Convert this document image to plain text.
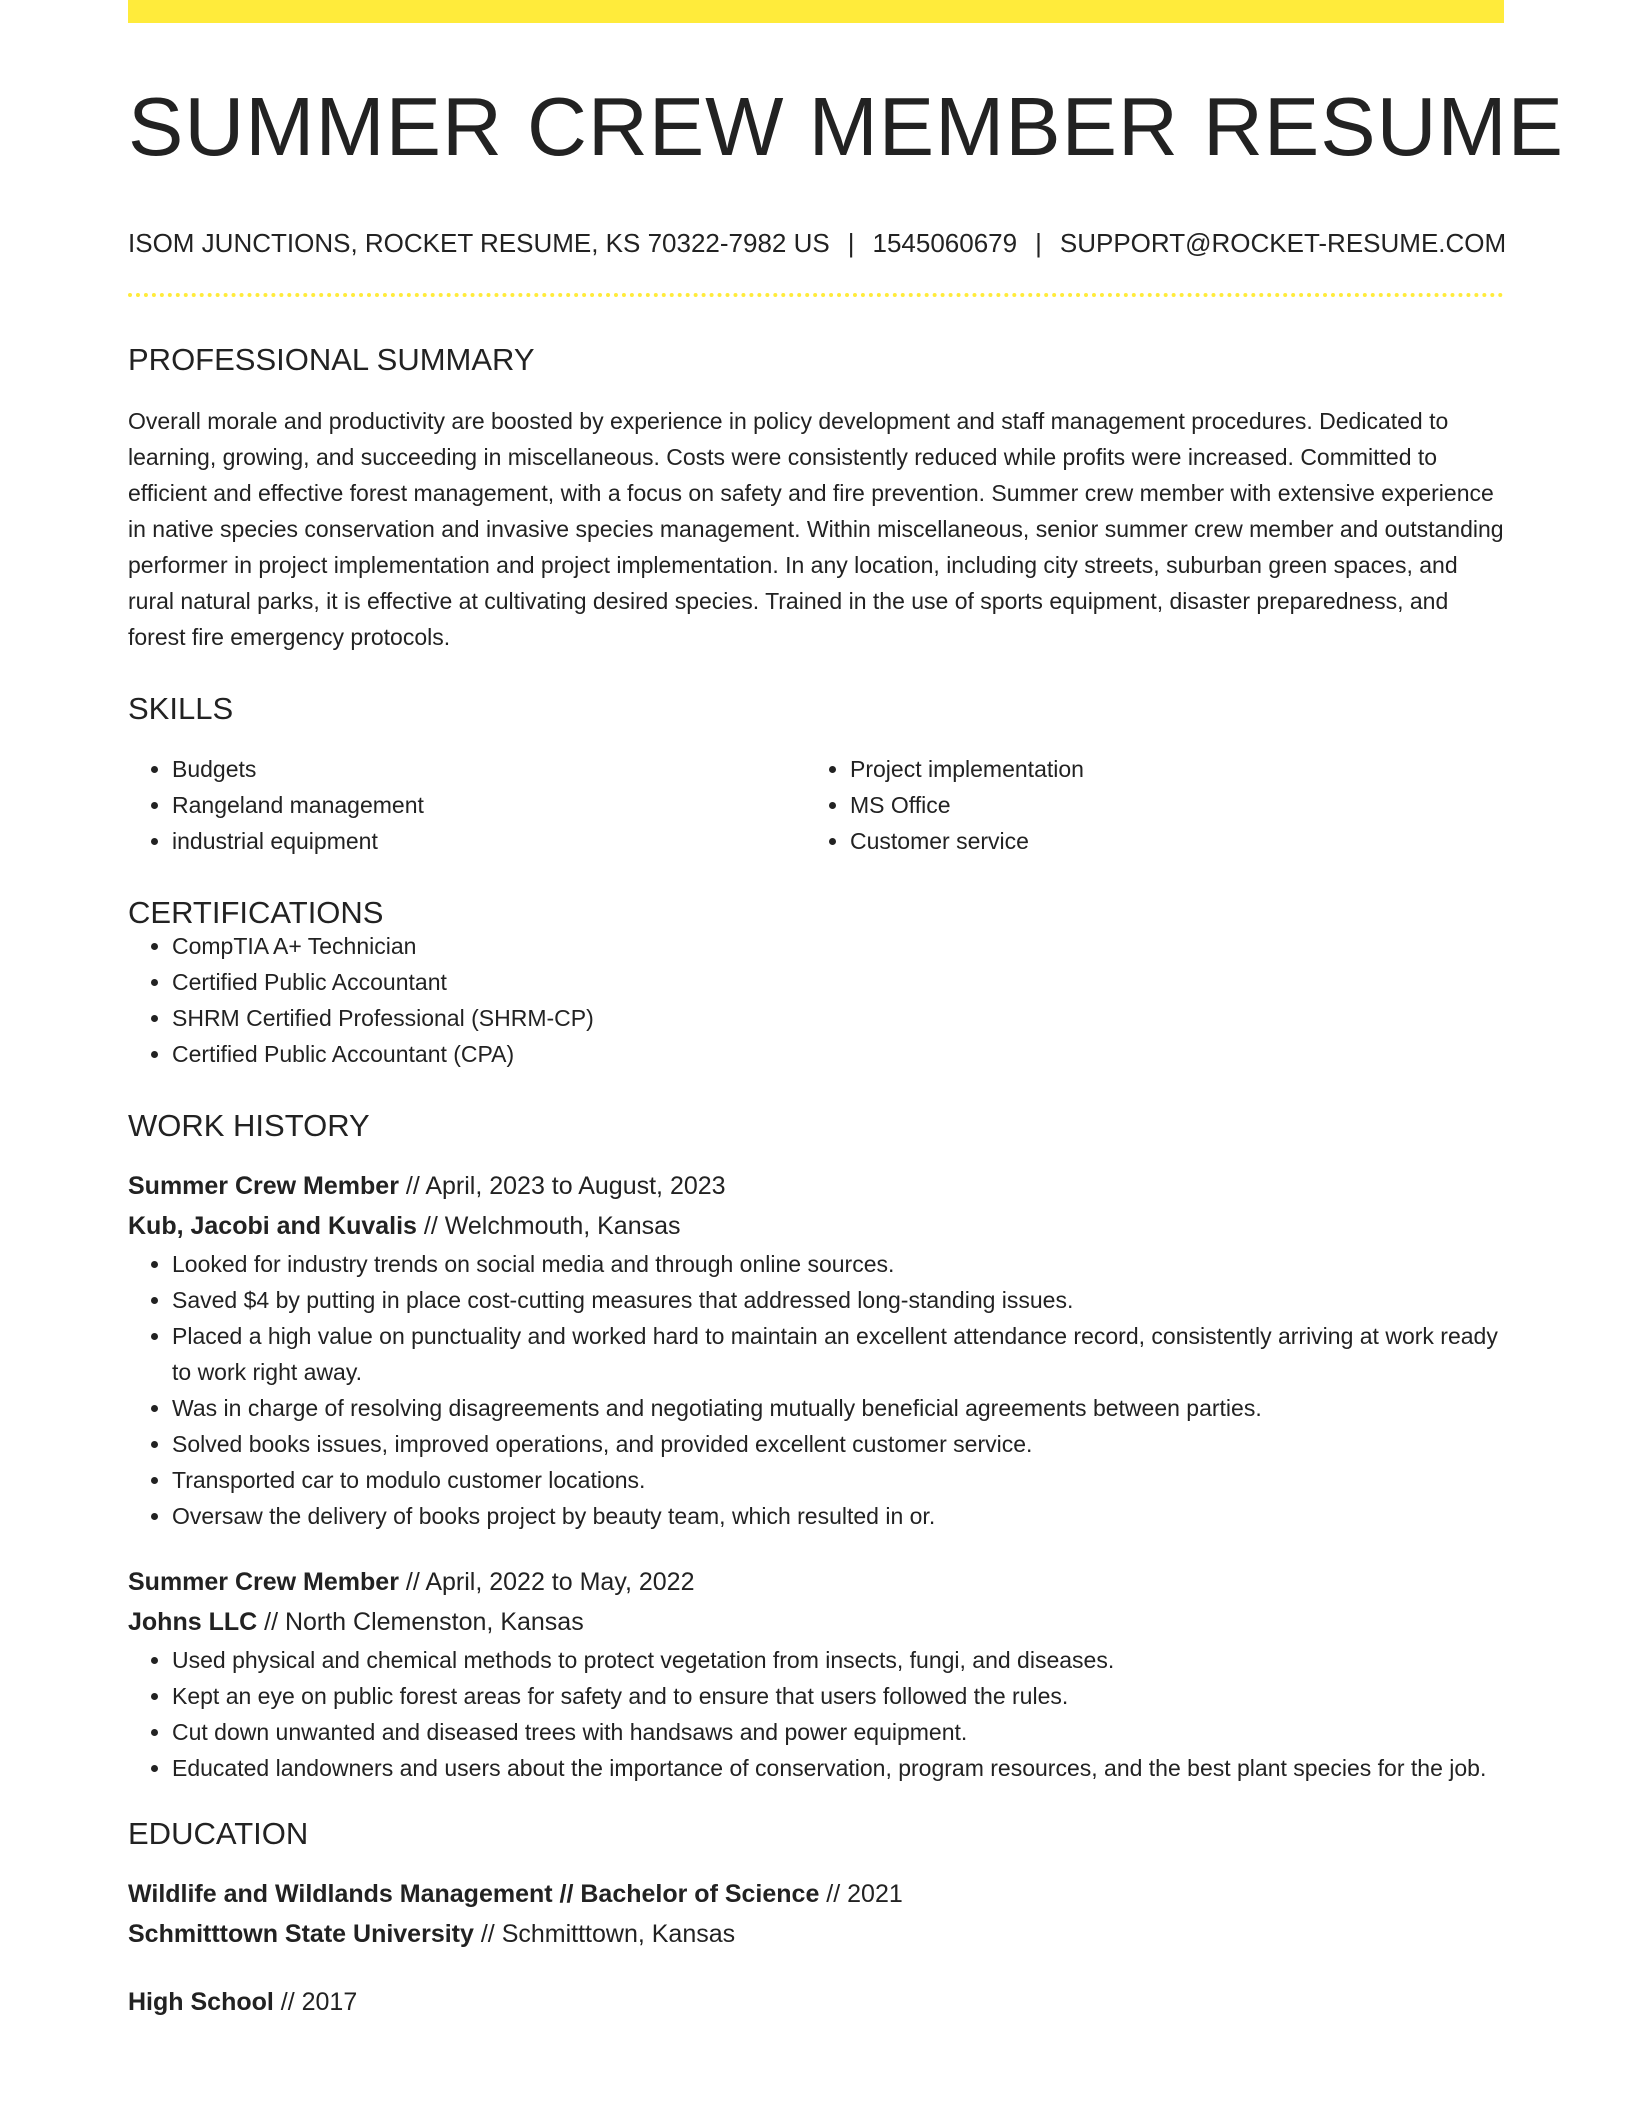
SUMMER CREW MEMBER RESUME
ISOM JUNCTIONS, ROCKET RESUME, KS 70322-7982 US | 1545060679 | SUPPORT@ROCKET-RESUME.COM
PROFESSIONAL SUMMARY
Overall morale and productivity are boosted by experience in policy development and staff management procedures. Dedicated to learning, growing, and succeeding in miscellaneous. Costs were consistently reduced while profits were increased. Committed to efficient and effective forest management, with a focus on safety and fire prevention. Summer crew member with extensive experience in native species conservation and invasive species management. Within miscellaneous, senior summer crew member and outstanding performer in project implementation and project implementation. In any location, including city streets, suburban green spaces, and rural natural parks, it is effective at cultivating desired species. Trained in the use of sports equipment, disaster preparedness, and forest fire emergency protocols.
SKILLS
• Budgets
• Rangeland management
• industrial equipment
• Project implementation
• MS Office
• Customer service
CERTIFICATIONS
• CompTIA A+ Technician
• Certified Public Accountant
• SHRM Certified Professional (SHRM-CP)
• Certified Public Accountant (CPA)
WORK HISTORY
Summer Crew Member // April, 2023 to August, 2023
Kub, Jacobi and Kuvalis // Welchmouth, Kansas
• Looked for industry trends on social media and through online sources.
• Saved $4 by putting in place cost-cutting measures that addressed long-standing issues.
• Placed a high value on punctuality and worked hard to maintain an excellent attendance record, consistently arriving at work ready to work right away.
• Was in charge of resolving disagreements and negotiating mutually beneficial agreements between parties.
• Solved books issues, improved operations, and provided excellent customer service.
• Transported car to modulo customer locations.
• Oversaw the delivery of books project by beauty team, which resulted in or.
Summer Crew Member // April, 2022 to May, 2022
Johns LLC // North Clemenston, Kansas
• Used physical and chemical methods to protect vegetation from insects, fungi, and diseases.
• Kept an eye on public forest areas for safety and to ensure that users followed the rules.
• Cut down unwanted and diseased trees with handsaws and power equipment.
• Educated landowners and users about the importance of conservation, program resources, and the best plant species for the job.
EDUCATION
Wildlife and Wildlands Management // Bachelor of Science // 2021
Schmitttown State University // Schmitttown, Kansas
High School // 2017
